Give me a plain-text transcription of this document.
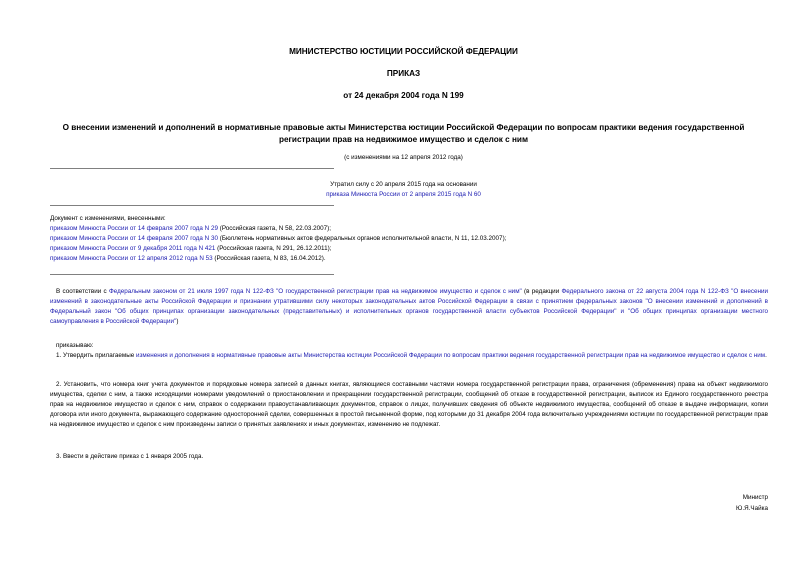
МИНИСТЕРСТВО ЮСТИЦИИ РОССИЙСКОЙ ФЕДЕРАЦИИ
ПРИКАЗ
от 24 декабря 2004 года N 199
О внесении изменений и дополнений в нормативные правовые акты Министерства юстиции Российской Федерации по вопросам практики ведения государственной регистрации прав на недвижимое имущество и сделок с ним
(с изменениями на 12 апреля 2012 года)
Утратил силу с 20 апреля 2015 года на основании
приказа Минюста России от 2 апреля 2015 года N 60
Документ с изменениями, внесенными:
приказом Минюста России от 14 февраля 2007 года N 29 (Российская газета, N 58, 22.03.2007);
приказом Минюста России от 14 февраля 2007 года N 30 (Бюллетень нормативных актов федеральных органов исполнительной власти, N 11, 12.03.2007);
приказом Минюста России от 9 декабря 2011 года N 421 (Российская газета, N 291, 26.12.2011);
приказом Минюста России от 12 апреля 2012 года N 53 (Российская газета, N 83, 16.04.2012).
В соответствии с Федеральным законом от 21 июля 1997 года N 122-ФЗ "О государственной регистрации прав на недвижимое имущество и сделок с ним" (в редакции Федерального закона от 22 августа 2004 года N 122-ФЗ "О внесении изменений в законодательные акты Российской Федерации и признании утратившими силу некоторых законодательных актов Российской Федерации в связи с принятием федеральных законов "О внесении изменений и дополнений в Федеральный закон "Об общих принципах организации законодательных (представительных) и исполнительных органов государственной власти субъектов Российской Федерации" и "Об общих принципах организации местного самоуправления в Российской Федерации")
приказываю:
1. Утвердить прилагаемые изменения и дополнения в нормативные правовые акты Министерства юстиции Российской Федерации по вопросам практики ведения государственной регистрации прав на недвижимое имущество и сделок с ним.
2. Установить, что номера книг учета документов и порядковые номера записей в данных книгах, являющиеся составными частями номера государственной регистрации права, ограничения (обременения) права на объект недвижимого имущества, сделки с ним, а также исходящими номерами уведомлений о приостановлении и прекращении государственной регистрации, сообщений об отказе в государственной регистрации, выписок из Единого государственного реестра прав на недвижимое имущество и сделок с ним, справок о содержании правоустанавливающих документов, справок о лицах, получивших сведения об объекте недвижимого имущества, сообщений об отказе в выдаче информации, копии договора или иного документа, выражающего содержание односторонней сделки, совершенных в простой письменной форме, под которыми до 31 декабря 2004 года включительно учреждениями юстиции по государственной регистрации прав на недвижимое имущество и сделок с ним произведены записи о принятых заявлениях и иных документах, изменению не подлежат.
3. Ввести в действие приказ с 1 января 2005 года.
Министр
Ю.Я.Чайка
